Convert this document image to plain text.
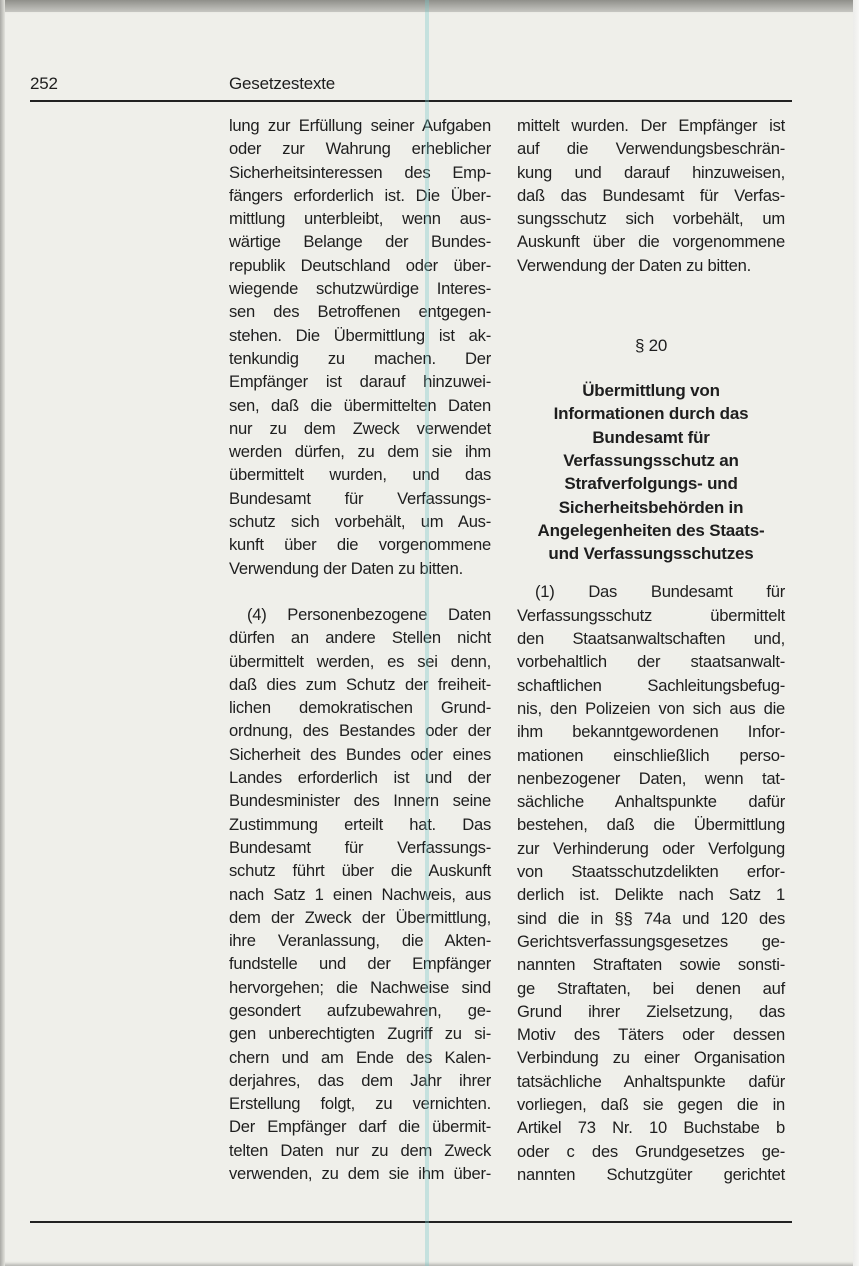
252	Gesetzestexte
lung zur Erfüllung seiner Aufgaben
oder zur Wahrung erheblicher
Sicherheitsinteressen des Emp-
fängers erforderlich ist. Die Über-
mittlung unterbleibt, wenn aus-
wärtige Belange der Bundes-
republik Deutschland oder über-
wiegende schutzwürdige Interes-
sen des Betroffenen entgegen-
stehen. Die Übermittlung ist ak-
tenkundig zu machen. Der
Empfänger ist darauf hinzuwei-
sen, daß die übermittelten Daten
nur zu dem Zweck verwendet
werden dürfen, zu dem sie ihm
übermittelt wurden, und das
Bundesamt für Verfassungs-
schutz sich vorbehält, um Aus-
kunft über die vorgenommene
Verwendung der Daten zu bitten.
(4) Personenbezogene Daten
dürfen an andere Stellen nicht
übermittelt werden, es sei denn,
daß dies zum Schutz der freiheit-
lichen demokratischen Grund-
ordnung, des Bestandes oder der
Sicherheit des Bundes oder eines
Landes erforderlich ist und der
Bundesminister des Innern seine
Zustimmung erteilt hat. Das
Bundesamt für Verfassungs-
schutz führt über die Auskunft
nach Satz 1 einen Nachweis, aus
dem der Zweck der Übermittlung,
ihre Veranlassung, die Akten-
fundstelle und der Empfänger
hervorgehen; die Nachweise sind
gesondert aufzubewahren, ge-
gen unberechtigten Zugriff zu si-
chern und am Ende des Kalen-
derjahres, das dem Jahr ihrer
Erstellung folgt, zu vernichten.
Der Empfänger darf die übermit-
telten Daten nur zu dem Zweck
verwenden, zu dem sie ihm über-
mittelt wurden. Der Empfänger ist
auf die Verwendungsbeschrän-
kung und darauf hinzuweisen,
daß das Bundesamt für Verfas-
sungsschutz sich vorbehält, um
Auskunft über die vorgenommene
Verwendung der Daten zu bitten.
§ 20
Übermittlung von
Informationen durch das
Bundesamt für
Verfassungsschutz an
Strafverfolgungs- und
Sicherheitsbehörden in
Angelegenheiten des Staats-
und Verfassungsschutzes
(1) Das Bundesamt für
Verfassungsschutz übermittelt
den Staatsanwaltschaften und,
vorbehaltlich der staatsanwalt-
schaftlichen Sachleitungsbefug-
nis, den Polizeien von sich aus die
ihm bekanntgewordenen Infor-
mationen einschließlich perso-
nenbezogener Daten, wenn tat-
sächliche Anhaltspunkte dafür
bestehen, daß die Übermittlung
zur Verhinderung oder Verfolgung
von Staatsschutzdelikten erfor-
derlich ist. Delikte nach Satz 1
sind die in §§ 74a und 120 des
Gerichtsverfassungsgesetzes ge-
nannten Straftaten sowie sonsti-
ge Straftaten, bei denen auf
Grund ihrer Zielsetzung, das
Motiv des Täters oder dessen
Verbindung zu einer Organisation
tatsächliche Anhaltspunkte dafür
vorliegen, daß sie gegen die in
Artikel 73 Nr. 10 Buchstabe b
oder c des Grundgesetzes ge-
nannten Schutzgüter gerichtet
